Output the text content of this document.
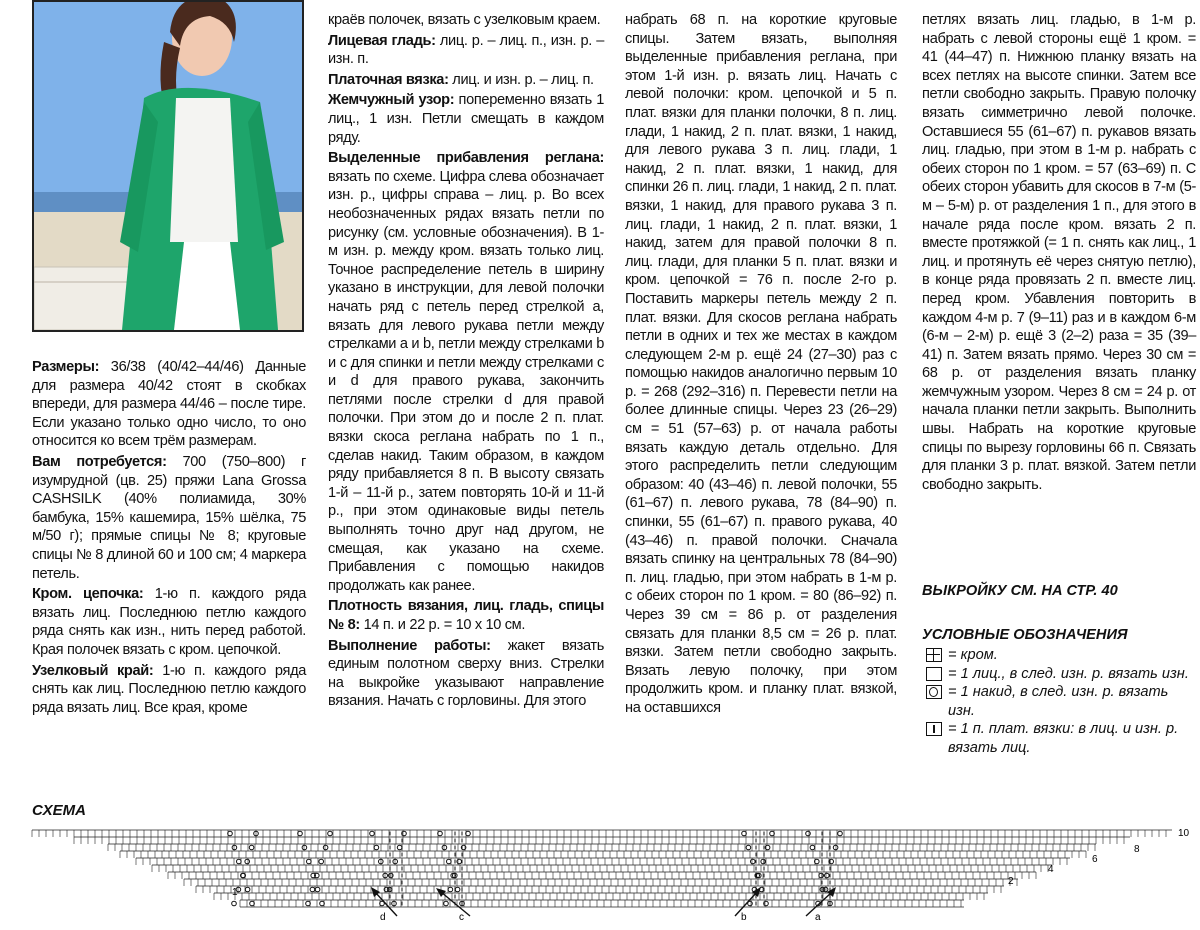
Размеры: 36/38 (40/42–44/46) Данные для размера 40/42 стоят в скобках впереди, для размера 44/46 – после тире. Если указано только одно число, то оно относится ко всем трём размерам.

Вам потребуется: 700 (750–800) г изумрудной (цв. 25) пряжи Lana Grossa CASHSILK (40% полиамида, 30% бамбука, 15% кашемира, 15% шёлка, 75 м/50 г); прямые спицы № 8; круговые спицы № 8 длиной 60 и 100 см; 4 маркера петель.

Кром. цепочка: 1-ю п. каждого ряда вязать лиц. Последнюю петлю каждого ряда снять как изн., нить перед работой. Края полочек вязать с кром. цепочкой.

Узелковый край: 1-ю п. каждого ряда снять как лиц. Последнюю петлю каждого ряда вязать лиц. Все края, кроме

краёв полочек, вязать с узелковым краем.

Лицевая гладь: лиц. р. – лиц. п., изн. р. – изн. п.

Платочная вязка: лиц. и изн. р. – лиц. п.

Жемчужный узор: попеременно вязать 1 лиц., 1 изн. Петли смещать в каждом ряду.

Выделенные прибавления реглана: вязать по схеме. Цифра слева обозначает изн. р., цифры справа – лиц. р. Во всех необозначенных рядах вязать петли по рисунку (см. условные обозначения). В 1-м изн. р. между кром. вязать только лиц. Точное распределение петель в ширину указано в инструкции, для левой полочки начать ряд с петель перед стрелкой a, вязать для левого рукава петли между стрелками a и b, петли между стрелками b и c для спинки и петли между стрелками c и d для правого рукава, закончить петлями после стрелки d для правой полочки. При этом до и после 2 п. плат. вязки скоса реглана набрать по 1 п., сделав накид. Таким образом, в каждом ряду прибавляется 8 п. В высоту связать 1-й – 11-й р., затем повторять 10-й и 11-й р., при этом одинаковые виды петель выполнять точно друг над другом, не смещая, как указано на схеме. Прибавления с помощью накидов продолжать как ранее.

Плотность вязания, лиц. гладь, спицы № 8: 14 п. и 22 р. = 10 х 10 см.

Выполнение работы: жакет вязать единым полотном сверху вниз. Стрелки на выкройке указывают направление вязания. Начать с горловины. Для этого

набрать 68 п. на короткие круговые спицы. Затем вязать, выполняя выделенные прибавления реглана, при этом 1-й изн. р. вязать лиц. Начать с левой полочки: кром. цепочкой и 5 п. плат. вязки для планки полочки, 8 п. лиц. глади, 1 накид, 2 п. плат. вязки, 1 накид, для левого рукава 3 п. лиц. глади, 1 накид, 2 п. плат. вязки, 1 накид, для спинки 26 п. лиц. глади, 1 накид, 2 п. плат. вязки, 1 накид, для правого рукава 3 п. лиц. глади, 1 накид, 2 п. плат. вязки, 1 накид, затем для правой полочки 8 п. лиц. глади, для планки 5 п. плат. вязки и кром. цепочкой = 76 п. после 2-го р. Поставить маркеры петель между 2 п. плат. вязки. Для скосов реглана набрать петли в одних и тех же местах в каждом следующем 2-м р. ещё 24 (27–30) раз с помощью накидов аналогично первым 10 р. = 268 (292–316) п. Перевести петли на более длинные спицы. Через 23 (26–29) см = 51 (57–63) р. от начала работы вязать каждую деталь отдельно. Для этого распределить петли следующим образом: 40 (43–46) п. левой полочки, 55 (61–67) п. левого рукава, 78 (84–90) п. спинки, 55 (61–67) п. правого рукава, 40 (43–46) п. правой полочки. Сначала вязать спинку на центральных 78 (84–90) п. лиц. гладью, при этом набрать в 1-м р. с обеих сторон по 1 кром. = 80 (86–92) п. Через 39 см = 86 р. от разделения связать для планки 8,5 см = 26 р. плат. вязки. Затем петли свободно закрыть. Вязать левую полочку, при этом продолжить кром. и планку плат. вязкой, на оставшихся

петлях вязать лиц. гладью, в 1-м р. набрать с левой стороны ещё 1 кром. = 41 (44–47) п. Нижнюю планку вязать на всех петлях на высоте спинки. Затем все петли свободно закрыть. Правую полочку вязать симметрично левой полочке. Оставшиеся 55 (61–67) п. рукавов вязать лиц. гладью, при этом в 1-м р. набрать с обеих сторон по 1 кром. = 57 (63–69) п. С обеих сторон убавить для скосов в 7-м (5-м – 5-м) р. от разделения 1 п., для этого в начале ряда после кром. вязать 2 п. вместе протяжкой (= 1 п. снять как лиц., 1 лиц. и протянуть её через снятую петлю), в конце ряда провязать 2 п. вместе лиц. перед кром. Убавления повторить в каждом 4-м р. 7 (9–11) раз и в каждом 6-м (6-м – 2-м) р. ещё 3 (2–2) раза = 35 (39–41) п. Затем вязать прямо. Через 30 см = 68 р. от разделения вязать планку жемчужным узором. Через 8 см = 24 р. от начала планки петли закрыть. Выполнить швы. Набрать на короткие круговые спицы по вырезу горловины 66 п. Связать для планки 3 р. плат. вязкой. Затем петли свободно закрыть.

ВЫКРОЙКУ СМ. НА СТР. 40
УСЛОВНЫЕ ОБОЗНАЧЕНИЯ
= кром.
= 1 лиц., в след. изн. р. вязать изн.
= 1 накид, в след. изн. р. вязать изн.
= 1 п. плат. вязки: в лиц. и изн. р. вязать лиц.
СХЕМА
10
8
6
4
2
1
d	c	b	a
